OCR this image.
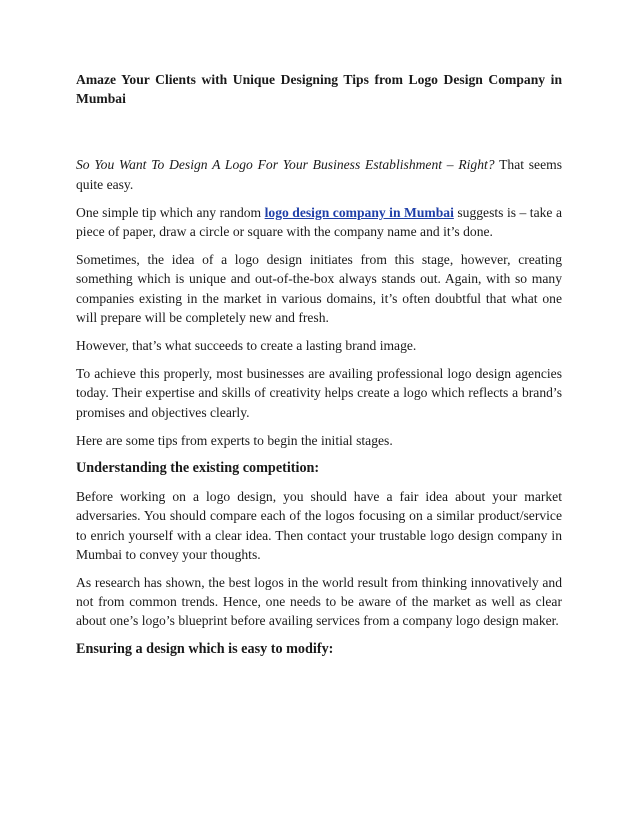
Amaze Your Clients with Unique Designing Tips from Logo Design Company in Mumbai

So You Want To Design A Logo For Your Business Establishment – Right? That seems quite easy.

One simple tip which any random logo design company in Mumbai suggests is – take a piece of paper, draw a circle or square with the company name and it’s done.

Sometimes, the idea of a logo design initiates from this stage, however, creating something which is unique and out-of-the-box always stands out. Again, with so many companies existing in the market in various domains, it’s often doubtful that what one will prepare will be completely new and fresh.

However, that’s what succeeds to create a lasting brand image.

To achieve this properly, most businesses are availing professional logo design agencies today. Their expertise and skills of creativity helps create a logo which reflects a brand’s promises and objectives clearly.

Here are some tips from experts to begin the initial stages.

Understanding the existing competition:

Before working on a logo design, you should have a fair idea about your market adversaries. You should compare each of the logos focusing on a similar product/service to enrich yourself with a clear idea. Then contact your trustable logo design company in Mumbai to convey your thoughts.

As research has shown, the best logos in the world result from thinking innovatively and not from common trends. Hence, one needs to be aware of the market as well as clear about one’s logo’s blueprint before availing services from a company logo design maker.

Ensuring a design which is easy to modify:
